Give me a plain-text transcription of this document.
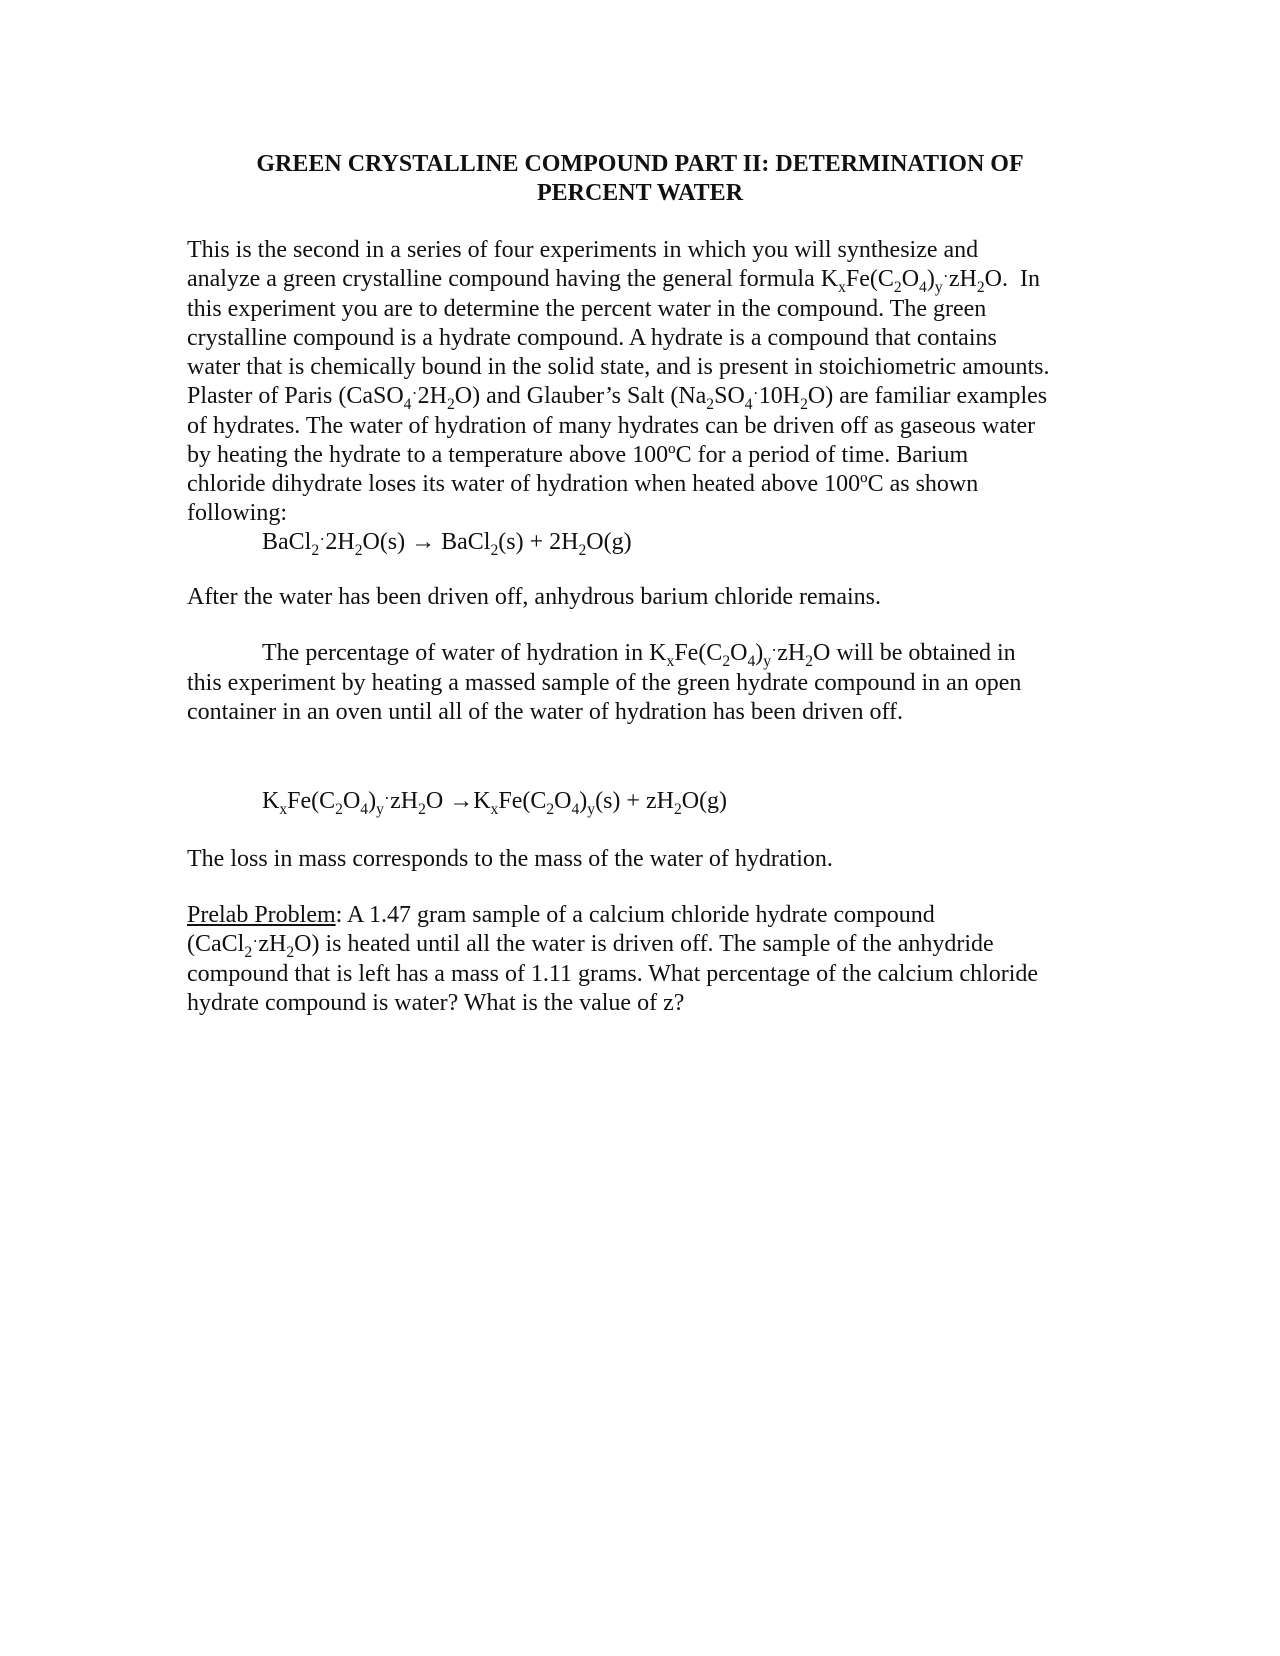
GREEN CRYSTALLINE COMPOUND PART II: DETERMINATION OF
PERCENT WATER
This is the second in a series of four experiments in which you will synthesize and
analyze a green crystalline compound having the general formula $K_xFe(C_2O_4)_y.zH_2O$.  In
this experiment you are to determine the percent water in the compound. The green
crystalline compound is a hydrate compound. A hydrate is a compound that contains
water that is chemically bound in the solid state, and is present in stoichiometric amounts.
Plaster of Paris $(CaSO_4.2H_2O)$ and Glauber’s Salt $(Na_2SO_4.10H_2O)$ are familiar examples
of hydrates. The water of hydration of many hydrates can be driven off as gaseous water
by heating the hydrate to a temperature above 100ºC for a period of time. Barium
chloride dihydrate loses its water of hydration when heated above 100ºC as shown
following:
$BaCl_2.2H_2O(s)$ → BaCl$_2$(s) + $2H_2O(g)$
After the water has been driven off, anhydrous barium chloride remains.
The percentage of water of hydration in $K_xFe(C_2O_4)_y.zH_2O$ will be obtained in
this experiment by heating a massed sample of the green hydrate compound in an open
container in an oven until all of the water of hydration has been driven off.
$K_xFe(C_2O_4)_y.zH_2O \to K_xFe(C_2O_4)_y(s) + zH_2O(g)$
The loss in mass corresponds to the mass of the water of hydration.
Prelab Problem: A 1.47 gram sample of a calcium chloride hydrate compound
$(CaCl_2.zH_2O)$ is heated until all the water is driven off. The sample of the anhydride
compound that is left has a mass of 1.11 grams. What percentage of the calcium chloride
hydrate compound is water? What is the value of z?
